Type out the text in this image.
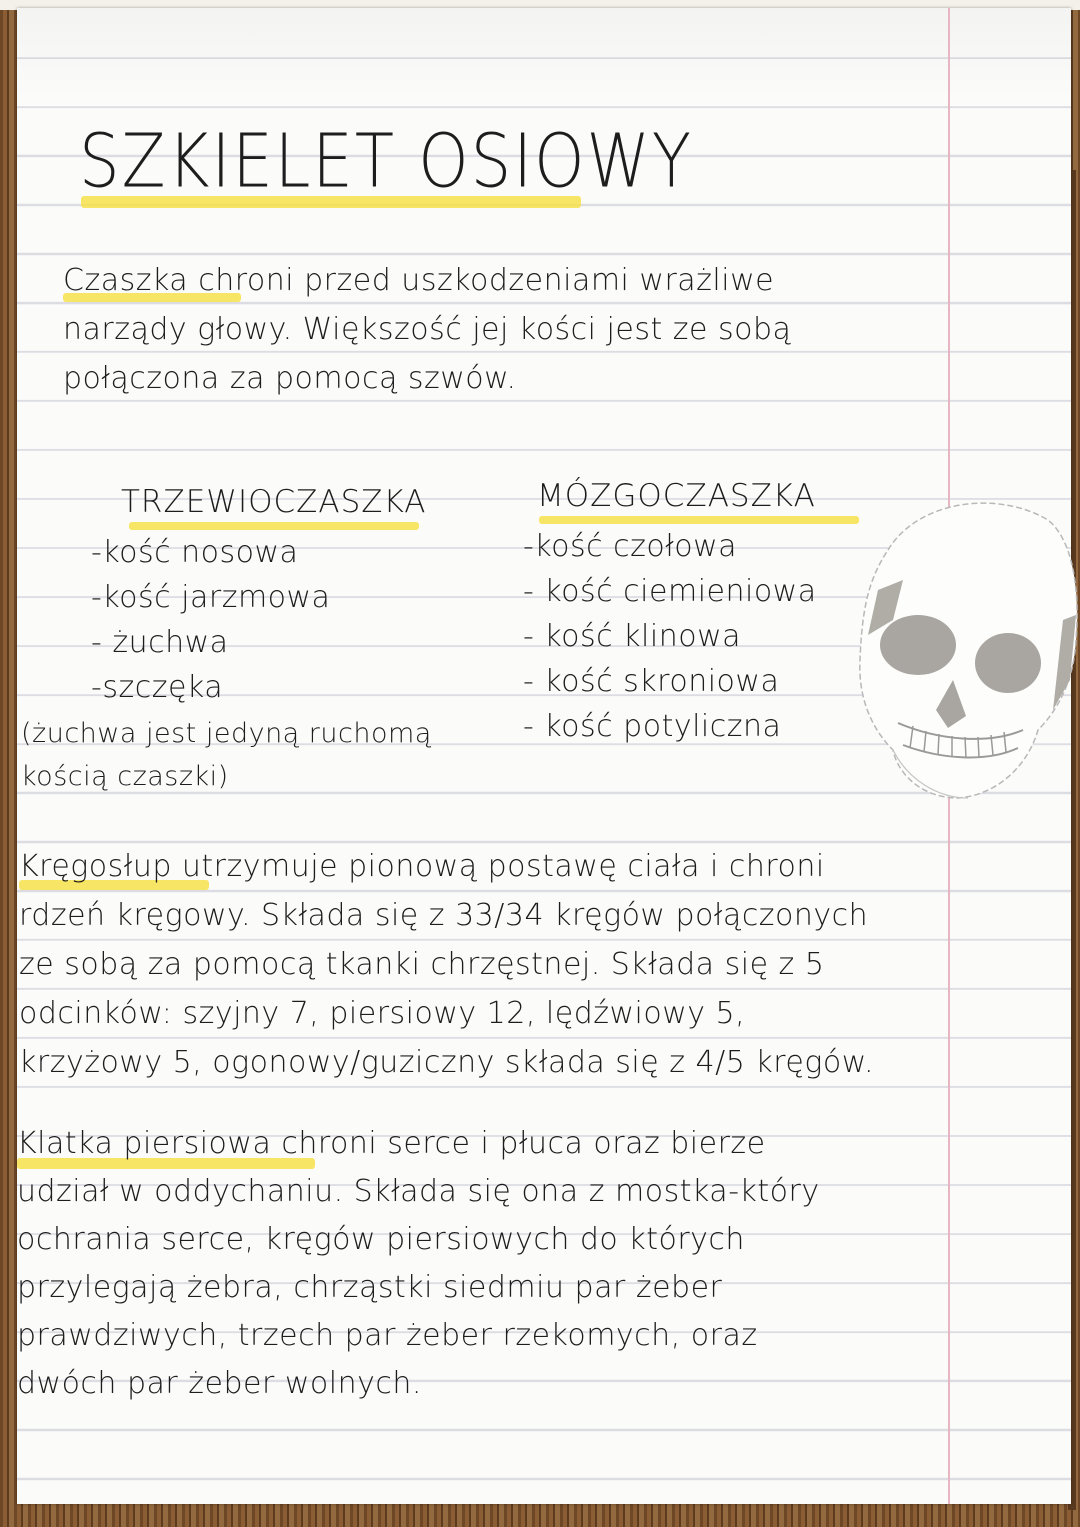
SZKIELET OSIOWY
Czaszka chroni przed uszkodzeniami wrażliwe
narządy głowy. Większość jej kości jest ze sobą
połączona za pomocą szwów.
TRZEWIOCZASZKA
-kość nosowa
-kość jarzmowa
- żuchwa
-szczęka
(żuchwa jest jedyną ruchomą
kością czaszki)
MÓZGOCZASZKA
-kość czołowa
- kość ciemieniowa
- kość klinowa
- kość skroniowa
- kość potyliczna
Kręgosłup utrzymuje pionową postawę ciała i chroni
rdzeń kręgowy. Składa się z 33/34 kręgów połączonych
ze sobą za pomocą tkanki chrzęstnej. Składa się z 5
odcinków: szyjny 7, piersiowy 12, lędźwiowy 5,
krzyżowy 5, ogonowy/guziczny składa się z 4/5 kręgów.
Klatka piersiowa chroni serce i płuca oraz bierze
udział w oddychaniu. Składa się ona z mostka-który
ochrania serce, kręgów piersiowych do których
przylegają żebra, chrząstki siedmiu par żeber
prawdziwych, trzech par żeber rzekomych, oraz
dwóch par żeber wolnych.
